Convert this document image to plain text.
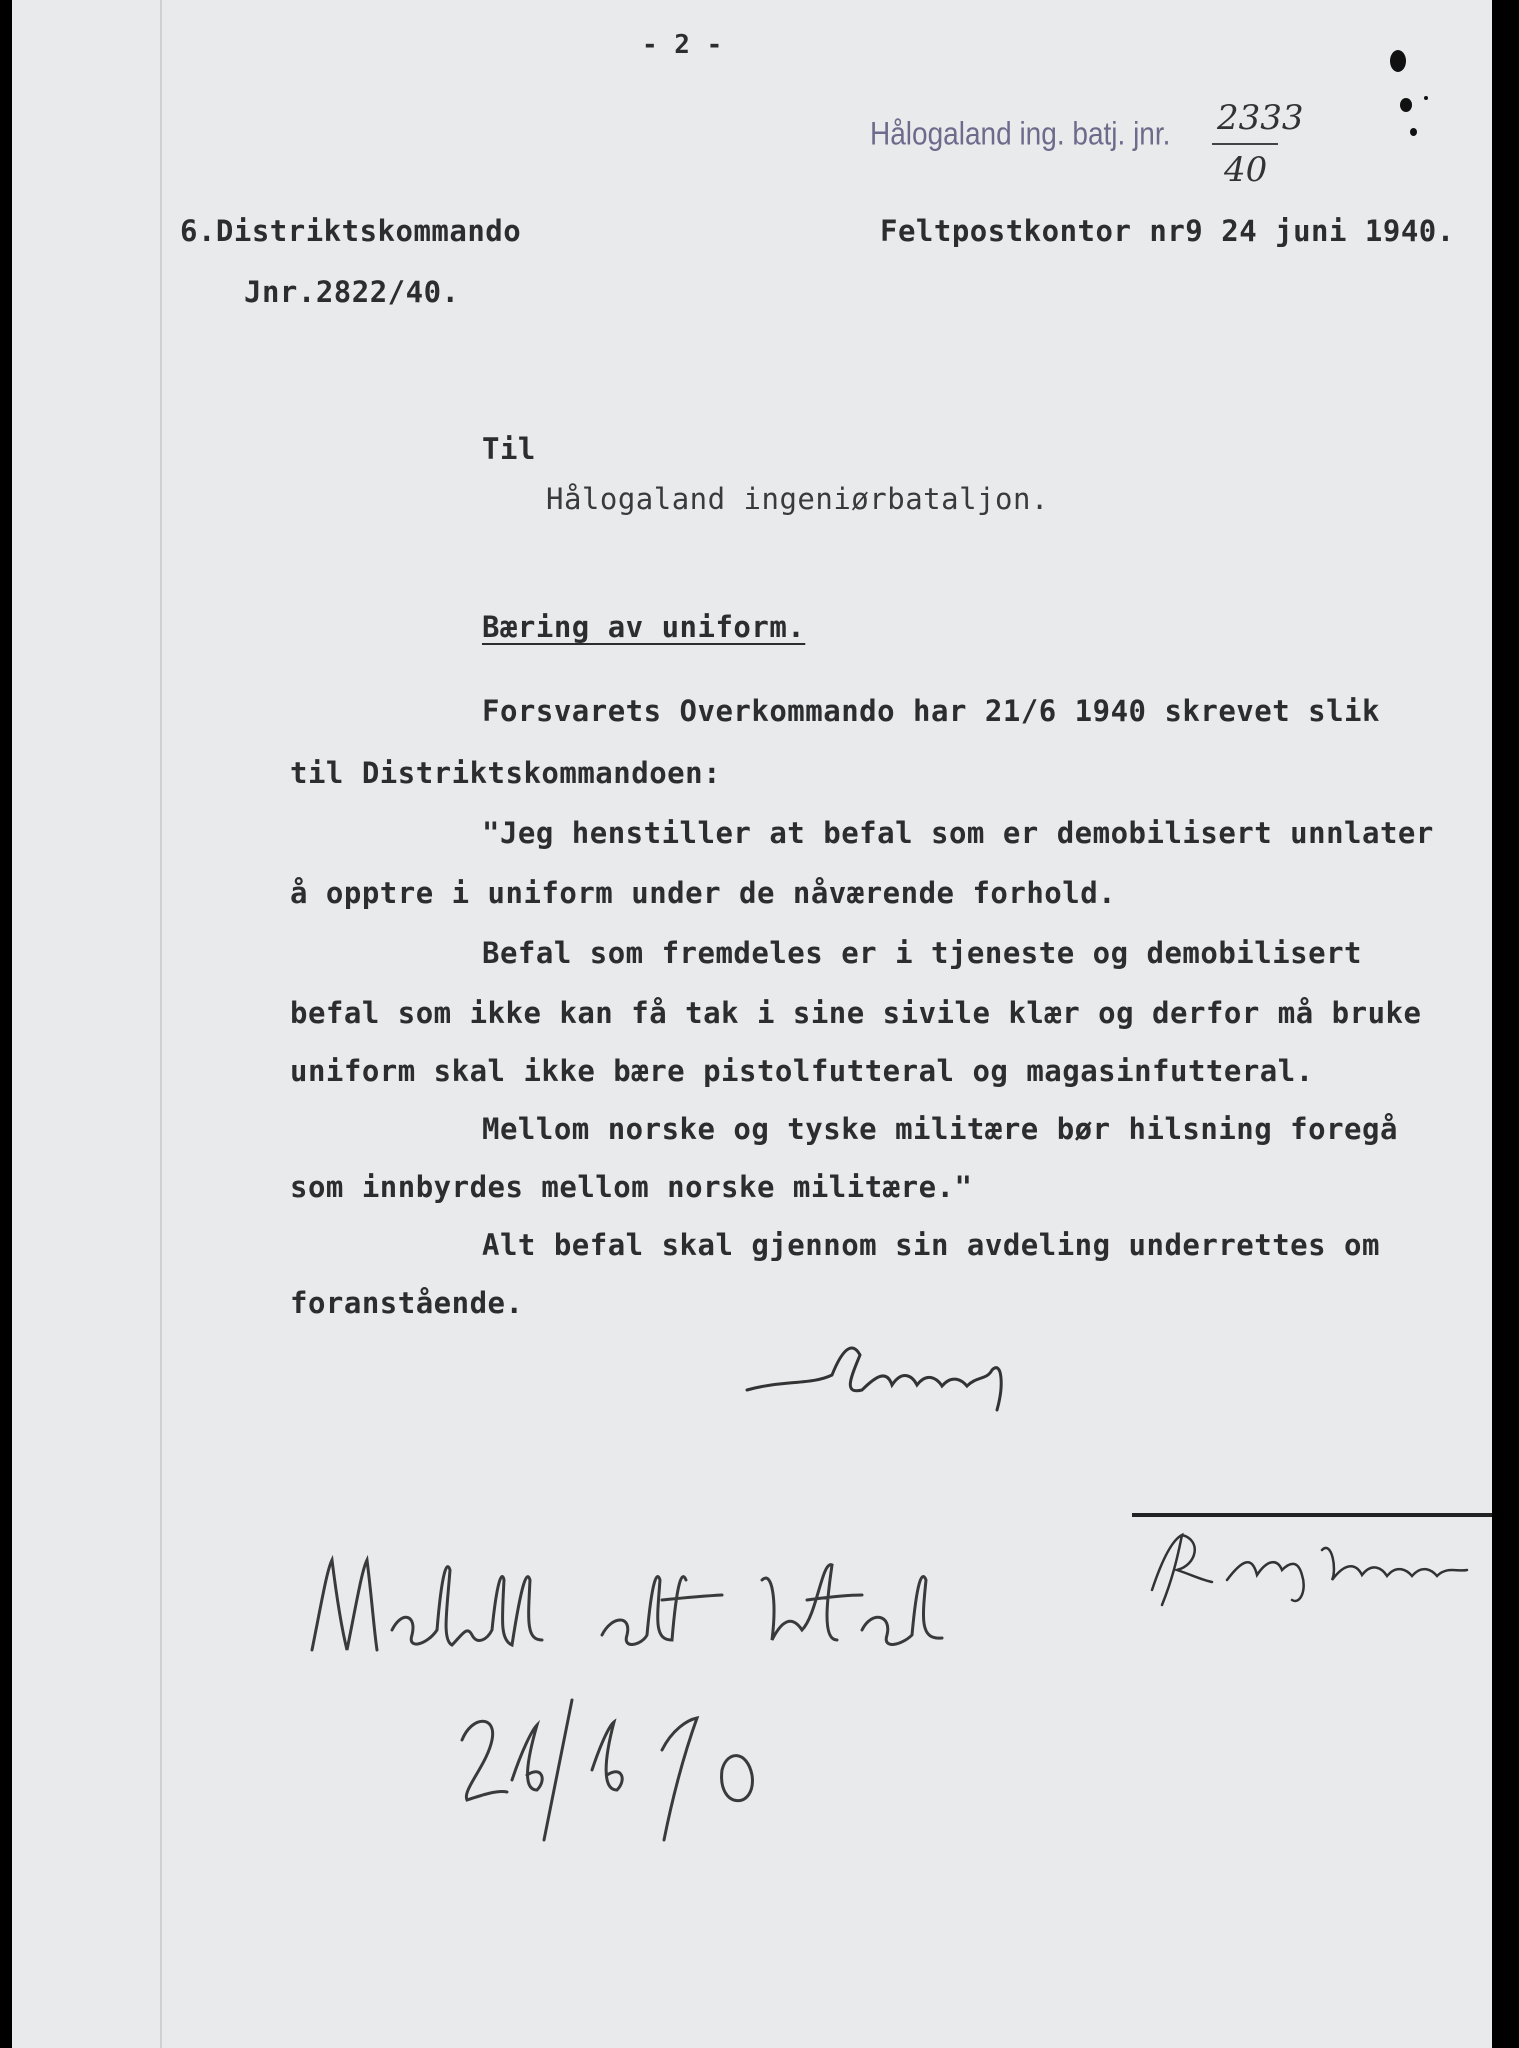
- 2 -
Hålogaland ing. batj. jnr. 2333
40
6.Distriktskommando	Feltpostkontor nr9 24 juni 1940.
Jnr.2822/40.
Til
Hålogaland ingeniørbataljon.
Bæring av uniform.
Forsvarets Overkommando har 21/6 1940 skrevet slik
til Distriktskommandoen:
"Jeg henstiller at befal som er demobilisert unnlater
å opptre i uniform under de nåværende forhold.
Befal som fremdeles er i tjeneste og demobilisert
befal som ikke kan få tak i sine sivile klær og derfor må bruke
uniform skal ikke bære pistolfutteral og magasinfutteral.
Mellom norske og tyske militære bør hilsning foregå
som innbyrdes mellom norske militære."
Alt befal skal gjennom sin avdeling underrettes om
foranstående.
